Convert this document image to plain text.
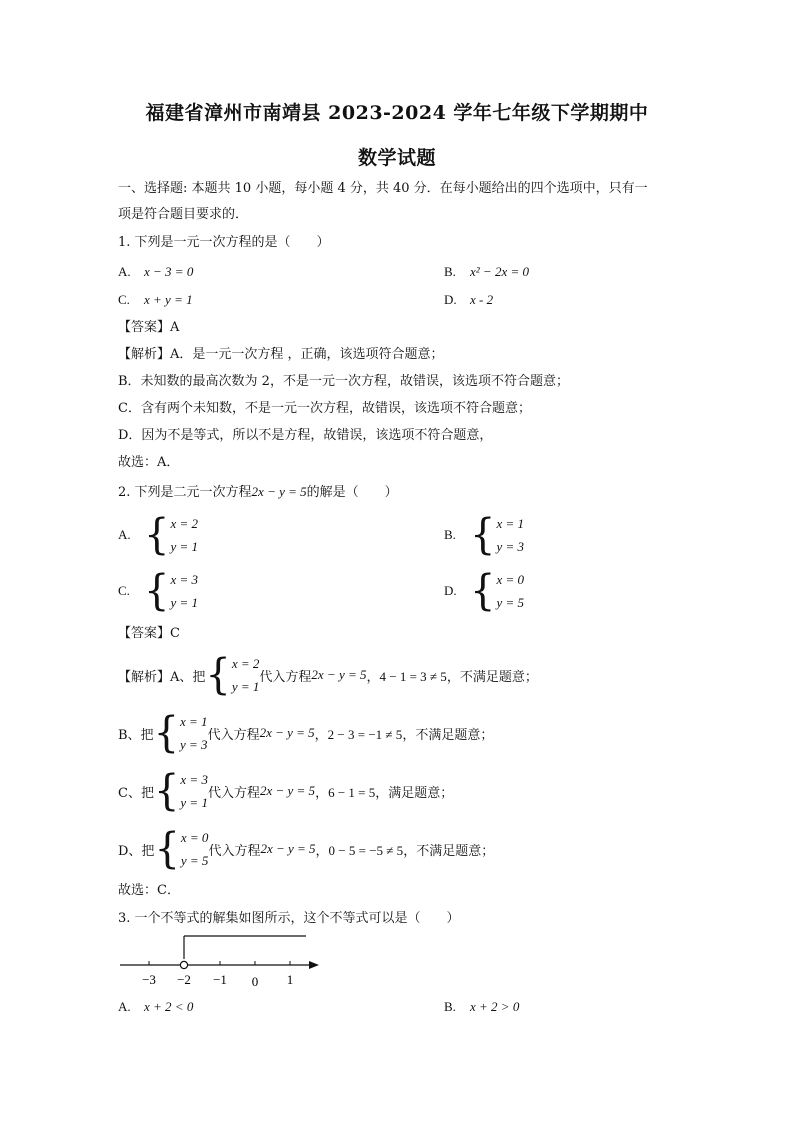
福建省漳州市南靖县 2023-2024 学年七年级下学期期中
数学试题
一、选择题: 本题共 10 小题，每小题 4 分，共 40 分．在每小题给出的四个选项中，只有一
项是符合题目要求的．
1. 下列是一元一次方程的是（　　）
A. x − 3 = 0	B. x² − 2x = 0
C. x + y = 1	D. x - 2
【答案】A
【解析】A．是一元一次方程 ，正确，该选项符合题意；
B．未知数的最高次数为 2，不是一元一次方程，故错误，该选项不符合题意；
C．含有两个未知数，不是一元一次方程，故错误，该选项不符合题意；
D．因为不是等式，所以不是方程，故错误，该选项不符合题意，
故选：A．
2. 下列是二元一次方程2x − y = 5的解是（　　）
A. { x = 2
y = 1
B. { x = 1
y = 3
C. { x = 3
y = 1
D. { x = 0
y = 5
【答案】C
【解析】A、把 { x = 2
y = 1
代入方程 2x − y = 5 ，4 − 1 = 3 ≠ 5 ，不满足题意；
B、把 { x = 1
y = 3
代入方程 2x − y = 5 ，2 − 3 = −1 ≠ 5 ，不满足题意；
C、把 { x = 3
y = 1
代入方程 2x − y = 5 ，6 − 1 = 5 ，满足题意；
D、把 { x = 0
y = 5
代入方程 2x − y = 5 ，0 − 5 = −5 ≠ 5 ，不满足题意；
故选：C．
3. 一个不等式的解集如图所示，这个不等式可以是（　　）
−3 −2 −1 0 1
A. x + 2 < 0	B. x + 2 > 0
